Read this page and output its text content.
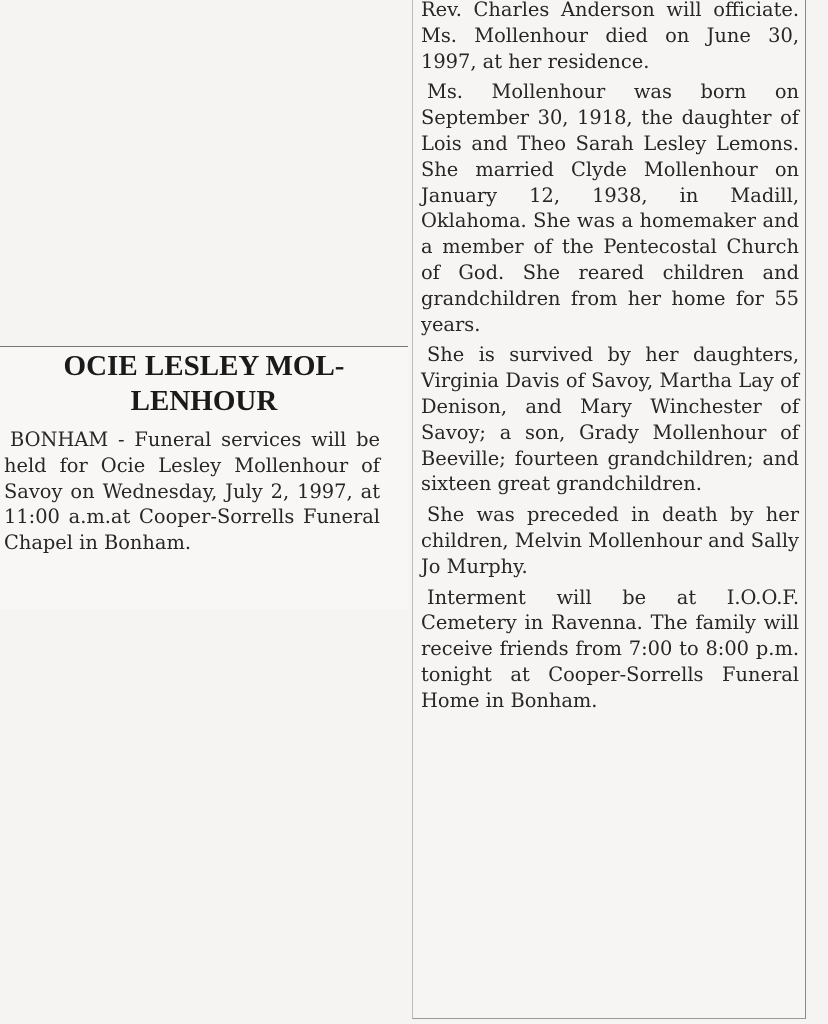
OCIE LESLEY MOL-LENHOUR

BONHAM - Funeral services will be held for Ocie Lesley Mollenhour of Savoy on Wednesday, July 2, 1997, at 11:00 a.m.at Cooper-Sorrells Funeral Chapel in Bonham.

Rev. Charles Anderson will officiate. Ms. Mollenhour died on June 30, 1997, at her residence.

Ms. Mollenhour was born on September 30, 1918, the daughter of Lois and Theo Sarah Lesley Lemons. She married Clyde Mollenhour on January 12, 1938, in Madill, Oklahoma. She was a homemaker and a member of the Pentecostal Church of God. She reared children and grandchildren from her home for 55 years.

She is survived by her daughters, Virginia Davis of Savoy, Martha Lay of Denison, and Mary Winchester of Savoy; a son, Grady Mollenhour of Beeville; fourteen grandchildren; and sixteen great grandchildren.

She was preceded in death by her children, Melvin Mollenhour and Sally Jo Murphy.

Interment will be at I.O.O.F. Cemetery in Ravenna. The family will receive friends from 7:00 to 8:00 p.m. tonight at Cooper-Sorrells Funeral Home in Bonham.
